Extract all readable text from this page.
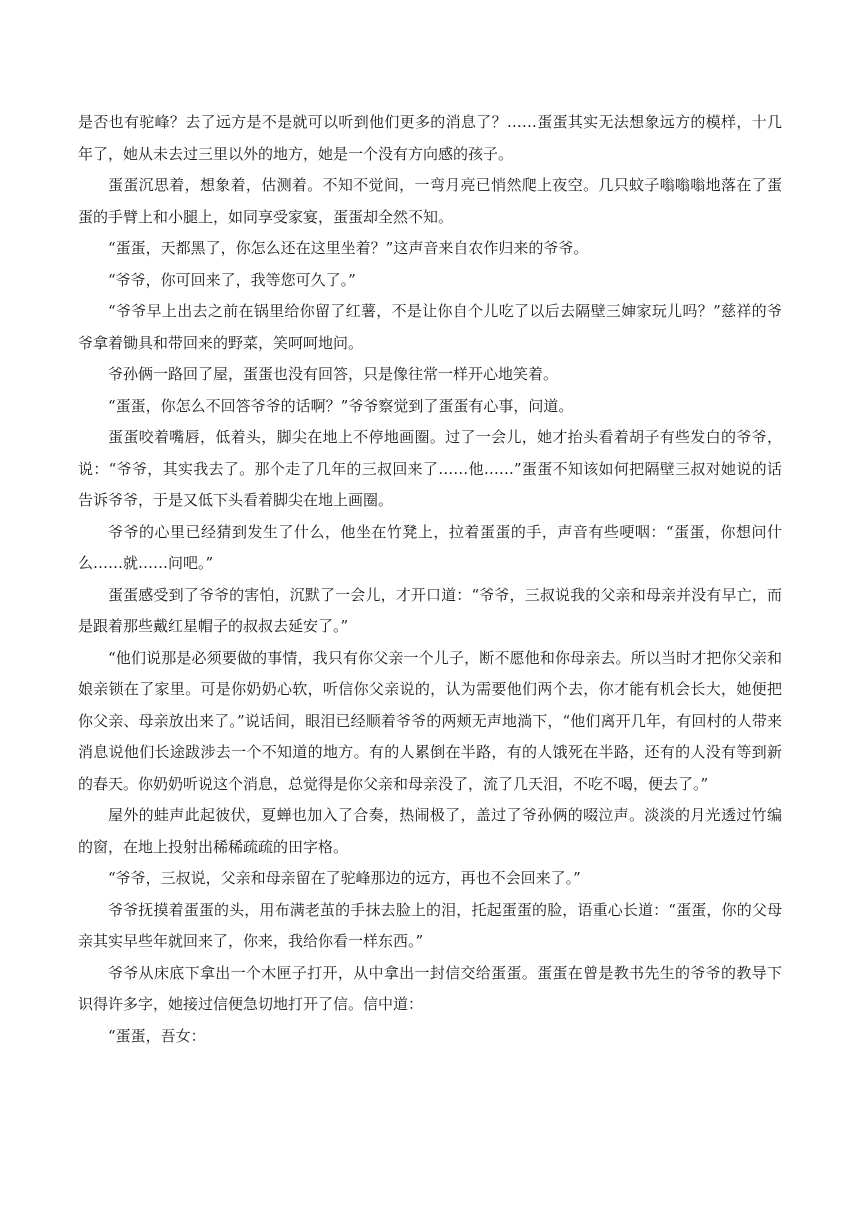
是否也有驼峰？去了远方是不是就可以听到他们更多的消息了？……蛋蛋其实无法想象远方的模样，十几年了，她从未去过三里以外的地方，她是一个没有方向感的孩子。

蛋蛋沉思着，想象着，估测着。不知不觉间，一弯月亮已悄然爬上夜空。几只蚊子嗡嗡嗡地落在了蛋蛋的手臂上和小腿上，如同享受家宴，蛋蛋却全然不知。

“蛋蛋，天都黑了，你怎么还在这里坐着？”这声音来自农作归来的爷爷。

“爷爷，你可回来了，我等您可久了。”

“爷爷早上出去之前在锅里给你留了红薯，不是让你自个儿吃了以后去隔壁三婶家玩儿吗？”慈祥的爷爷拿着锄具和带回来的野菜，笑呵呵地问。

爷孙俩一路回了屋，蛋蛋也没有回答，只是像往常一样开心地笑着。

“蛋蛋，你怎么不回答爷爷的话啊？”爷爷察觉到了蛋蛋有心事，问道。

蛋蛋咬着嘴唇，低着头，脚尖在地上不停地画圈。过了一会儿，她才抬头看着胡子有些发白的爷爷，说：“爷爷，其实我去了。那个走了几年的三叔回来了……他……”蛋蛋不知该如何把隔壁三叔对她说的话告诉爷爷，于是又低下头看着脚尖在地上画圈。

爷爷的心里已经猜到发生了什么，他坐在竹凳上，拉着蛋蛋的手，声音有些哽咽：“蛋蛋，你想问什么……就……问吧。”

蛋蛋感受到了爷爷的害怕，沉默了一会儿，才开口道：“爷爷，三叔说我的父亲和母亲并没有早亡，而是跟着那些戴红星帽子的叔叔去延安了。”

“他们说那是必须要做的事情，我只有你父亲一个儿子，断不愿他和你母亲去。所以当时才把你父亲和娘亲锁在了家里。可是你奶奶心软，听信你父亲说的，认为需要他们两个去，你才能有机会长大，她便把你父亲、母亲放出来了。”说话间，眼泪已经顺着爷爷的两颊无声地淌下，“他们离开几年，有回村的人带来消息说他们长途跋涉去一个不知道的地方。有的人累倒在半路，有的人饿死在半路，还有的人没有等到新的春天。你奶奶听说这个消息，总觉得是你父亲和母亲没了，流了几天泪，不吃不喝，便去了。”

屋外的蛙声此起彼伏，夏蝉也加入了合奏，热闹极了，盖过了爷孙俩的啜泣声。淡淡的月光透过竹编的窗，在地上投射出稀稀疏疏的田字格。

“爷爷，三叔说，父亲和母亲留在了驼峰那边的远方，再也不会回来了。”

爷爷抚摸着蛋蛋的头，用布满老茧的手抹去脸上的泪，托起蛋蛋的脸，语重心长道：“蛋蛋，你的父母亲其实早些年就回来了，你来，我给你看一样东西。”

爷爷从床底下拿出一个木匣子打开，从中拿出一封信交给蛋蛋。蛋蛋在曾是教书先生的爷爷的教导下识得许多字，她接过信便急切地打开了信。信中道：

“蛋蛋，吾女：
